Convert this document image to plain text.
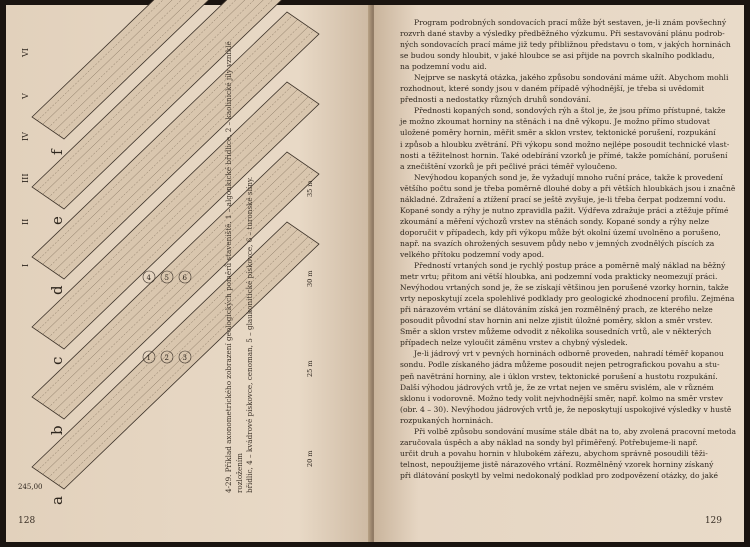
a
b
c
d
e
f
I
II
III
IV
V
VI
1 2 3
4 5 6
20 m
25 m
30 m
35 m
245,00	4-29. Příklad axonometrického zobrazení geologických poměrů staveniště. 1 – algonkické břidlice, 2 – kaolinické jíly vzniklé rozložením břidlic, 4 – kvádrové pískovce, cenoman, 5 – glaukonitické pískovce, 6 – turonské slíny.
128
Program podrobných sondovacích prací může být sestaven, je-li znám povšechný
rozvrh dané stavby a výsledky předběžného výzkumu. Při sestavování plánu podrob-
ných sondovacích prací máme již tedy přibližnou představu o tom, v jakých horninách
se budou sondy hloubit, v jaké hloubce se asi přijde na povrch skalního podkladu,
na podzemní vodu aid.
Nejprve se naskytá otázka, jakého způsobu sondování máme užít. Abychom mohli
rozhodnout, které sondy jsou v daném případě výhodnější, je třeba si uvědomit
přednosti a nedostatky různých druhů sondování.
Přednosti kopaných sond, sondových rýh a štol je, že jsou přímo přístupné, takže
je možno zkoumat horniny na stěnách i na dně výkopu. Je možno přímo studovat
uložené poměry hornin, měřit směr a sklon vrstev, tektonické porušení, rozpukání
i způsob a hloubku zvětrání. Při výkopu sond možno nejlépe posoudit technické vlast-
nosti a těžitelnost hornin. Také odebírání vzorků je přímé, takže pomíchání, porušení
a znečištění vzorků je při pečlivé práci téměř vyloučeno.
Nevýhodou kopaných sond je, že vyžadují mnoho ruční práce, takže k provedení
většího počtu sond je třeba poměrně dlouhé doby a při větších hloubkách jsou i značně
nákladné. Zdražení a ztížení prací se ještě zvyšuje, je-li třeba čerpat podzemní vodu.
Kopané sondy a rýhy je nutno zpravidla pažit. Výdřeva zdražuje práci a ztěžuje přímé
zkoumání a měření výchozů vrstev na stěnách sondy. Kopané sondy a rýhy nelze
doporučit v případech, kdy při výkopu může být okolní území uvolněno a porušeno,
např. na svazích ohrožených sesuvem půdy nebo v jemných zvodnělých píscích za
velkého přítoku podzemní vody apod.
Předností vrtaných sond je rychlý postup práce a poměrně malý náklad na běžný
metr vrtu; přitom ani větší hloubka, ani podzemní voda prakticky neomezují práci.
Nevýhodou vrtaných sond je, že se získají většinou jen porušené vzorky hornin, takže
vrty neposkytují zcela spolehlivé podklady pro geologické zhodnocení profilu. Zejména
při nárazovém vrtání se dlátováním získá jen rozmělněný prach, ze kterého nelze
posoudit původní stav hornin ani nelze zjistit úložné poměry, sklon a směr vrstev.
Směr a sklon vrstev můžeme odvodit z několika sousedních vrtů, ale v některých
případech nelze vyloučit záměnu vrstev a chybný výsledek.
Je-li jádrový vrt v pevných horninách odborně proveden, nahradí téměř kopanou
sondu. Podle získaného jádra můžeme posoudit nejen petrografickou povahu a stu-
peň navětrání horniny, ale i úklon vrstev, tektonické porušení a hustotu rozpukání.
Další výhodou jádrových vrtů je, že ze vrtat nejen ve směru svislém, ale v různém
sklonu i vodorovně. Možno tedy volit nejvhodnější směr, např. kolmo na směr vrstev
(obr. 4 – 30). Nevýhodou jádrových vrtů je, že neposkytují uspokojivé výsledky v hustě
rozpukaných horninách.
Při volbě způsobu sondování musíme stále dbát na to, aby zvolená pracovní metoda
zaručovala úspěch a aby náklad na sondy byl přiměřený. Potřebujeme-li např.
určit druh a povahu hornin v hlubokém zářezu, abychom správně posoudili těži-
telnost, nepoužijeme jistě nárazového vrtání. Rozmělněný vzorek horniny získaný
při dlátování poskytl by velmi nedokonalý podklad pro zodpovězení otázky, do jaké
129
